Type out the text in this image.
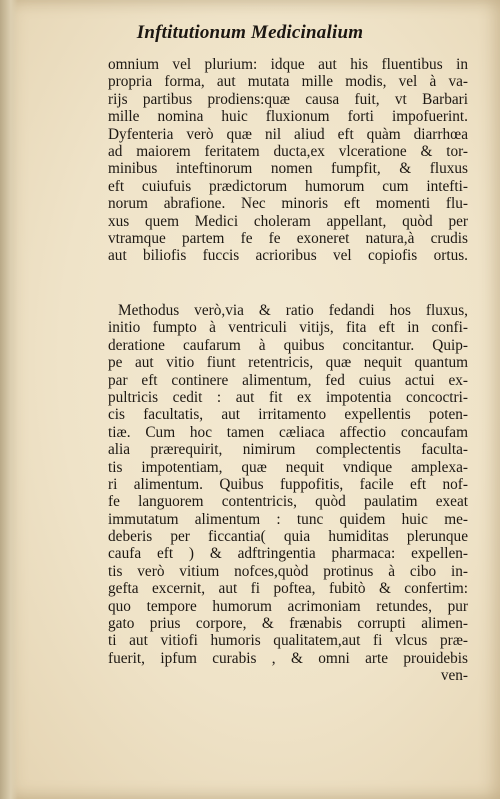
Inftitutionum Medicinalium
omnium vel plurium: idque aut his fluentibus in
propria forma, aut mutata mille modis, vel à va-
rijs partibus prodiens:quæ causa fuit, vt Barbari
mille nomina huic fluxionum forti impofuerint.
Dyfenteria verò quæ nil aliud eft quàm diarrhœa
ad maiorem feritatem ducta,ex vlceratione & tor-
minibus inteftinorum nomen fumpfit, & fluxus
eft cuiufuis prædictorum humorum cum intefti-
norum abrafione. Nec minoris eft momenti flu-
xus quem Medici choleram appellant, quòd per
vtramque partem fe fe exoneret natura,à crudis
aut biliofis fuccis acrioribus vel copiofis ortus.
Methodus verò,via & ratio fedandi hos fluxus,
initio fumpto à ventriculi vitijs, fita eft in confi-
deratione caufarum à quibus concitantur. Quip-
pe aut vitio fiunt retentricis, quæ nequit quantum
par eft continere alimentum, fed cuius actui ex-
pultricis cedit : aut fit ex impotentia concoctri-
cis facultatis, aut irritamento expellentis poten-
tiæ. Cum hoc tamen cæliaca affectio concaufam
alia prærequirit, nimirum complectentis faculta-
tis impotentiam, quæ nequit vndique amplexa-
ri alimentum. Quibus fuppofitis, facile eft nof-
fe languorem contentricis, quòd paulatim exeat
immutatum alimentum : tunc quidem huic me-
deberis per ficcantia( quia humiditas plerunque
caufa eft ) & adftringentia pharmaca: expellen-
tis verò vitium nofces,quòd protinus à cibo in-
gefta excernit, aut fi poftea, fubitò & confertim:
quo tempore humorum acrimoniam retundes, pur
gato prius corpore, & frænabis corrupti alimen-
ti aut vitiofi humoris qualitatem,aut fi vlcus præ-
fuerit, ipfum curabis , & omni arte prouidebis
ven-
